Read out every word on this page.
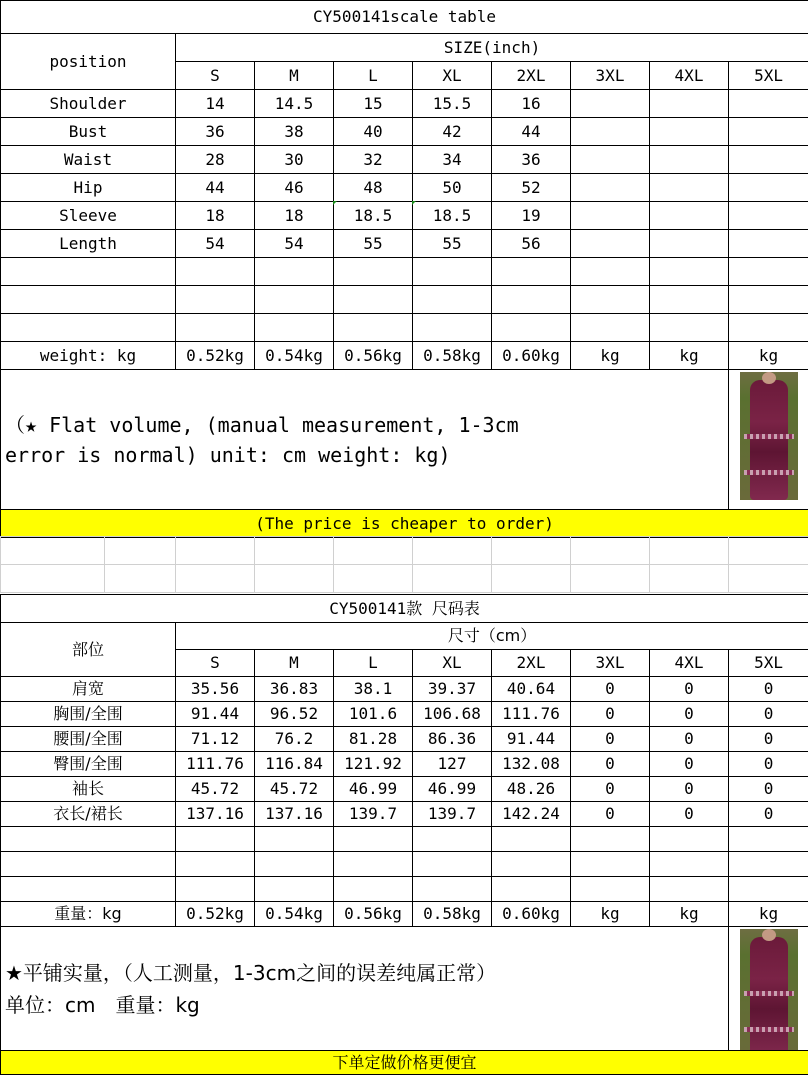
CY500141scale table								
position	SIZE(inch)							
	S	M	L	XL	2XL	3XL	4XL	5XL
Shoulder	14	14.5	15	15.5	16			
Bust	36	38	40	42	44			
Waist	28	30	32	34	36			
Hip	44	46	48	50	52			
Sleeve	18	18	18.5	18.5	19			
Length	54	54	55	55	56			

weight: kg	0.52kg	0.54kg	0.56kg	0.58kg	0.60kg	kg	kg	kg

（★ Flat volume, (manual measurement, 1-3cm
error is normal) unit: cm weight: kg)								

(The price is cheaper to order)								

CY500141款 尺码表								
部位	尺寸（cm）							
	S	M	L	XL	2XL	3XL	4XL	5XL
肩宽	35.56	36.83	38.1	39.37	40.64	0	0	0
胸围/全围	91.44	96.52	101.6	106.68	111.76	0	0	0
腰围/全围	71.12	76.2	81.28	86.36	91.44	0	0	0
臀围/全围	111.76	116.84	121.92	127	132.08	0	0	0
袖长	45.72	45.72	46.99	46.99	48.26	0	0	0
衣长/裙长	137.16	137.16	139.7	139.7	142.24	0	0	0

重量：kg	0.52kg	0.54kg	0.56kg	0.58kg	0.60kg	kg	kg	kg

★平铺实量，（人工测量，1-3cm之间的误差纯属正常）
单位：cm　重量：kg								

下单定做价格更便宜								
